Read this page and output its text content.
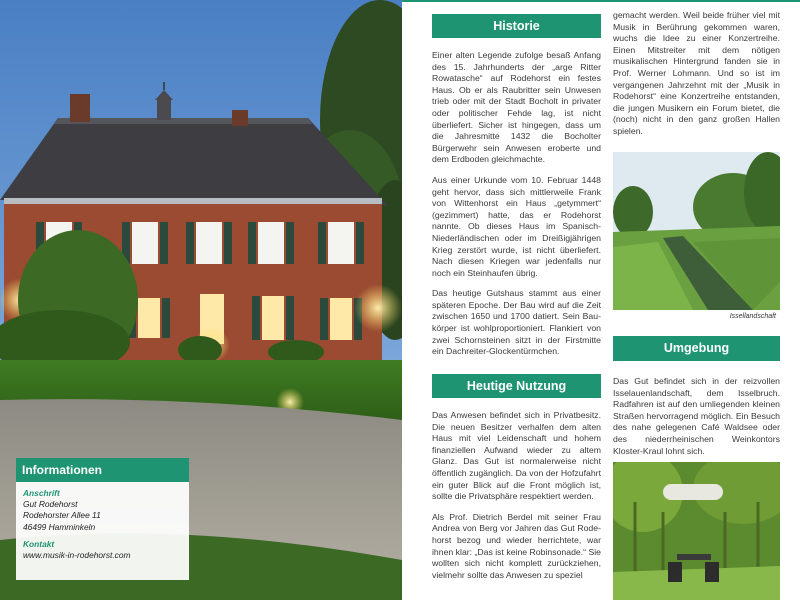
Informationen
Anschrift
Gut Rodehorst
Rodehorster Allee 11
46499 Hamminkeln
Kontakt
www.musik-in-rodehorst.com
Historie

Einer alten Legende zufolge besaß Anfang des 15. Jahrhunderts der „arge Ritter Rowatasche“ auf Rodehorst ein festes Haus. Ob er als Raubritter sein Unwesen trieb oder mit der Stadt Bocholt in privater oder politischer Fehde lag, ist nicht überliefert. Sicher ist hingegen, dass um die Jahresmitte 1432 die Bocholter Bürgerwehr sein Anwesen eroberte und dem Erdboden gleichmachte.

Aus einer Urkunde vom 10. Februar 1448 geht hervor, dass sich mittlerweile Frank von Wittenhorst ein Haus „getymmert“ (gezimmert) hatte, das er Rodehorst nannte. Ob dieses Haus im Spanisch-Niederländischen oder im Dreißigjährigen Krieg zerstört wurde, ist nicht überliefert. Nach diesen Kriegen war jedenfalls nur noch ein Steinhaufen übrig.

Das heutige Gutshaus stammt aus einer späteren Epoche. Der Bau wird auf die Zeit zwischen 1650 und 1700 datiert. Sein Baukörper ist wohlproportioniert. Flankiert von zwei Schornsteinen sitzt in der Firstmitte ein Dachreiter-Glockentürmchen.

Heutige Nutzung

Das Anwesen befindet sich in Privatbesitz. Die neuen Besitzer verhalfen dem alten Haus mit viel Leidenschaft und hohem finanziellen Aufwand wieder zu altem Glanz. Das Gut ist normalerweise nicht öffentlich zugänglich. Da von der Hofzufahrt ein guter Blick auf die Front möglich ist, sollte die Privatsphäre respektiert werden.

Als Prof. Dietrich Berdel mit seiner Frau Andrea von Berg vor Jahren das Gut Rodehorst bezog und wieder herrichtete, war ihnen klar: „Das ist keine Robinsonade.“ Sie wollten sich nicht komplett zurückziehen, vielmehr sollte das Anwesen zu speziel

gemacht werden. Weil beide früher viel mit Musik in Berührung gekommen waren, wuchs die Idee zu einer Konzertreihe. Einen Mitstreiter mit dem nötigen musikalischen Hintergrund fanden sie in Prof. Werner Lohmann. Und so ist im vergangenen Jahrzehnt mit der „Musik in Rodehorst“ eine Konzertreihe entstanden, die jungen Musikern ein Forum bietet, die (noch) nicht in den ganz großen Hallen spielen.

Issellandschaft
Umgebung

Das Gut befindet sich in der reizvollen Isselauenlandschaft, dem Isselbruch. Radfahren ist auf den umliegenden kleinen Straßen hervorragend möglich. Ein Besuch des nahe gelegenen Café Waldsee oder des niederrheinischen Weinkontors Kloster-Kraul lohnt sich.
